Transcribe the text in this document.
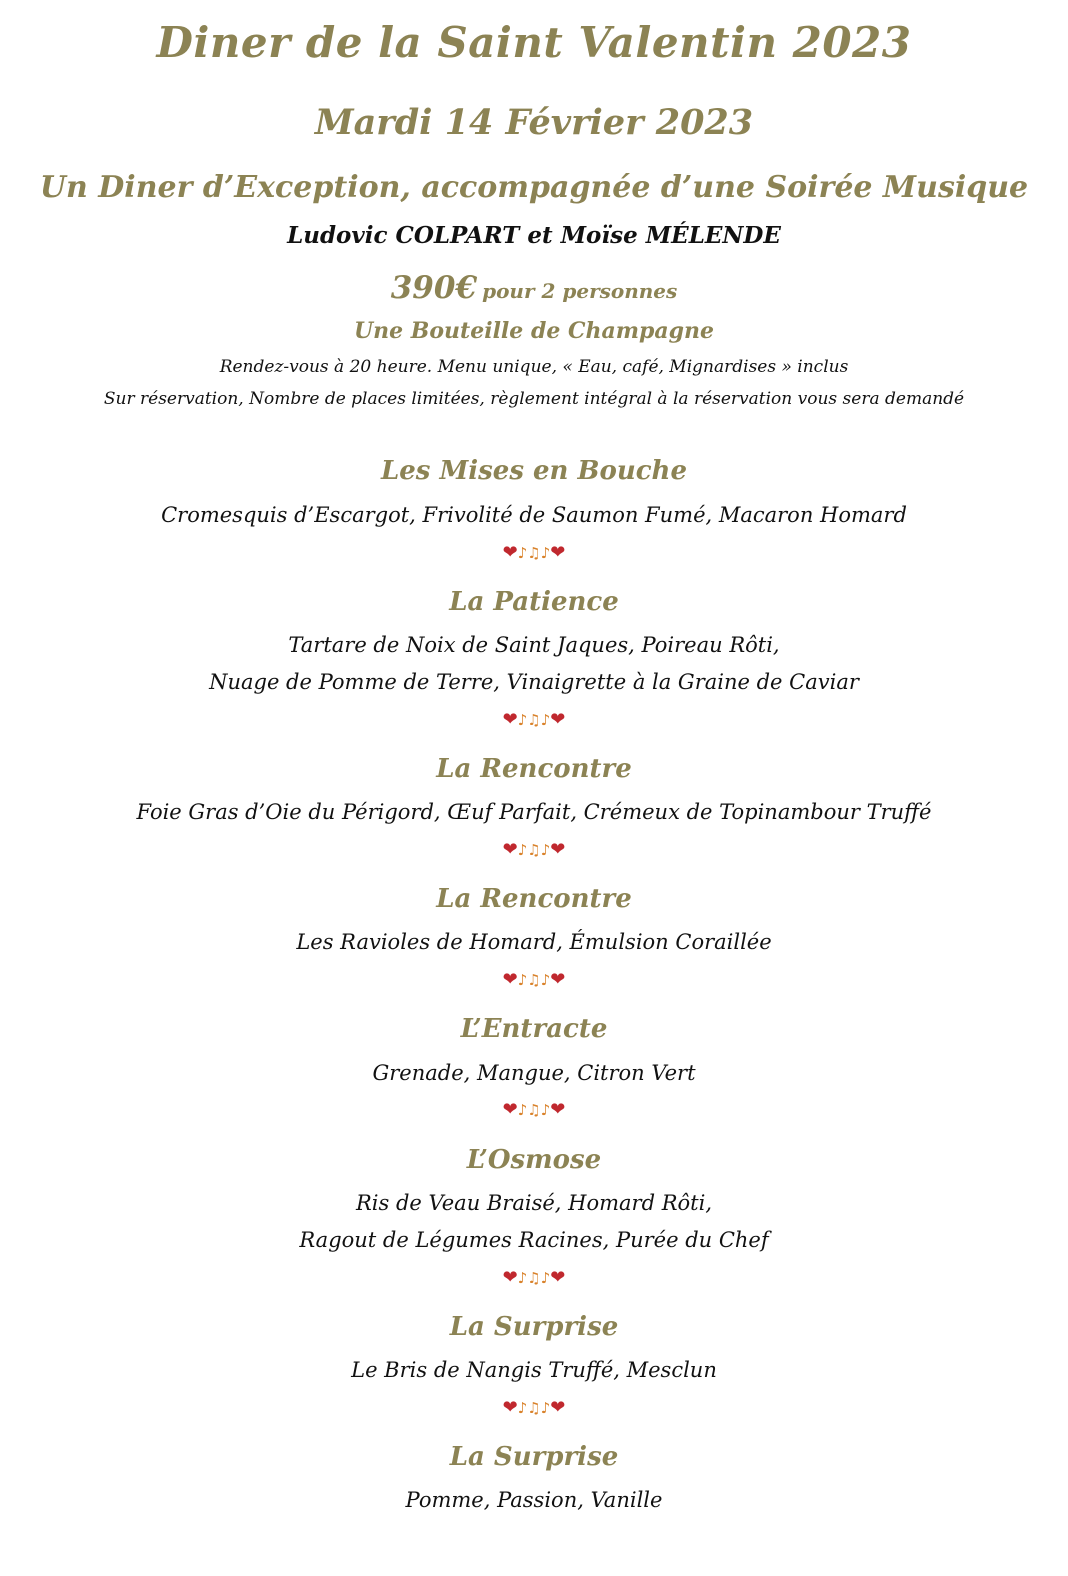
Diner de la Saint Valentin 2023

Mardi 14 Février 2023

Un Diner d’Exception, accompagnée d’une Soirée Musique

Ludovic COLPART et Moïse MÉLENDE

390€ pour 2 personnes

Une Bouteille de Champagne

Rendez-vous à 20 heure. Menu unique, « Eau, café, Mignardises » inclus

Sur réservation, Nombre de places limitées, règlement intégral à la réservation vous sera demandé

Les Mises en Bouche

Cromesquis d’Escargot, Frivolité de Saumon Fumé, Macaron Homard

❤♪♫♪❤

La Patience

Tartare de Noix de Saint Jaques, Poireau Rôti,

Nuage de Pomme de Terre, Vinaigrette à la Graine de Caviar

❤♪♫♪❤

La Rencontre

Foie Gras d’Oie du Périgord, Œuf Parfait, Crémeux de Topinambour Truffé

❤♪♫♪❤

La Rencontre

Les Ravioles de Homard, Émulsion Coraillée

❤♪♫♪❤

L’Entracte

Grenade, Mangue, Citron Vert

❤♪♫♪❤

L’Osmose

Ris de Veau Braisé, Homard Rôti,

Ragout de Légumes Racines, Purée du Chef

❤♪♫♪❤

La Surprise

Le Bris de Nangis Truffé, Mesclun

❤♪♫♪❤

La Surprise

Pomme, Passion, Vanille
